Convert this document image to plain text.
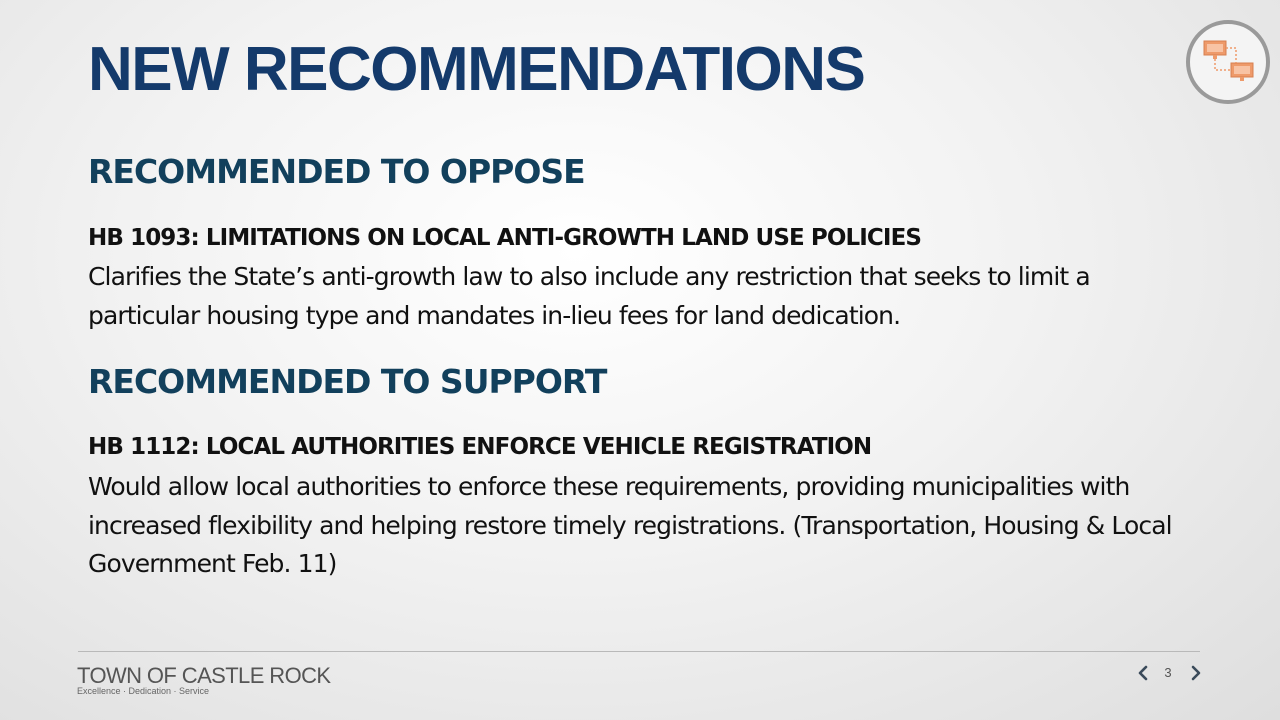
NEW RECOMMENDATIONS
RECOMMENDED TO OPPOSE
HB 1093: LIMITATIONS ON LOCAL ANTI-GROWTH LAND USE POLICIES

Clarifies the State’s anti-growth law to also include any restriction that seeks to limit a particular housing type and mandates in-lieu fees for land dedication.

RECOMMENDED TO SUPPORT
HB 1112: LOCAL AUTHORITIES ENFORCE VEHICLE REGISTRATION

Would allow local authorities to enforce these requirements, providing municipalities with increased flexibility and helping restore timely registrations. (Transportation, Housing & Local Government Feb. 11)

TOWN OF CASTLE ROCK
Excellence · Dedication · Service
3
